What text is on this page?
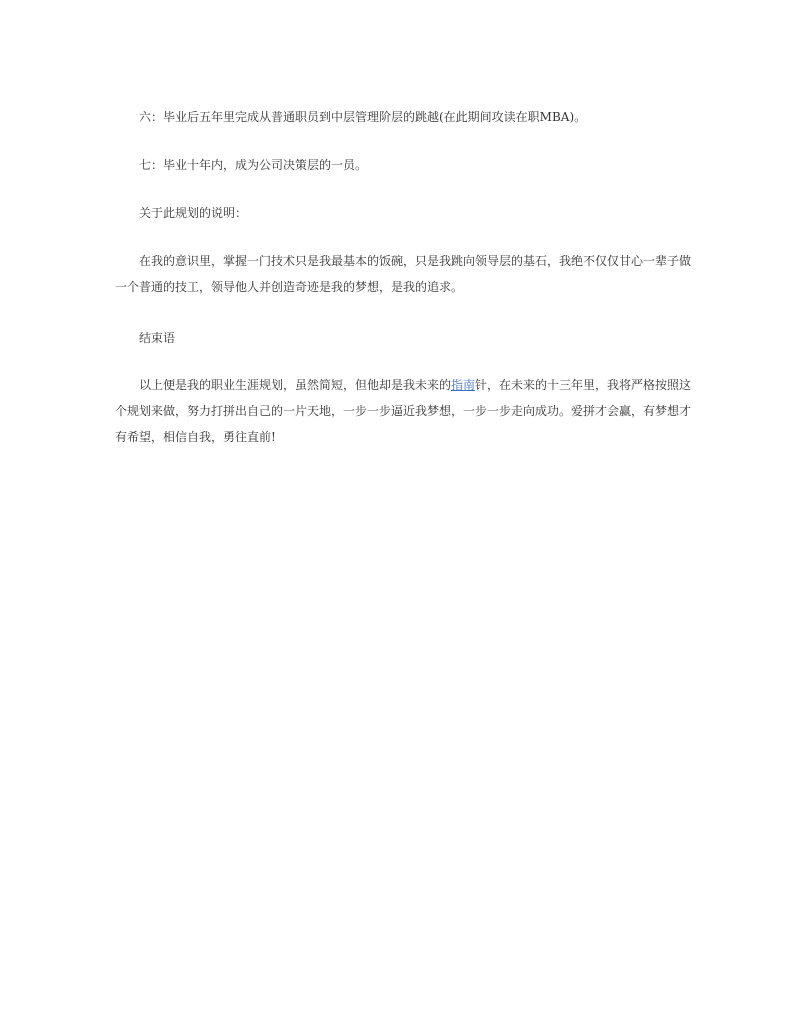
六：毕业后五年里完成从普通职员到中层管理阶层的跳越(在此期间攻读在职MBA)。

七：毕业十年内，成为公司决策层的一员。

关于此规划的说明：

在我的意识里，掌握一门技术只是我最基本的饭碗，只是我跳向领导层的基石，我绝不仅仅甘心一辈子做
一个普通的技工，领导他人并创造奇迹是我的梦想，是我的追求。

结束语

以上便是我的职业生涯规划，虽然简短，但他却是我未来的指南针，在未来的十三年里，我将严格按照这
个规划来做，努力打拼出自己的一片天地，一步一步逼近我梦想，一步一步走向成功。爱拼才会赢，有梦想才
有希望，相信自我，勇往直前!
